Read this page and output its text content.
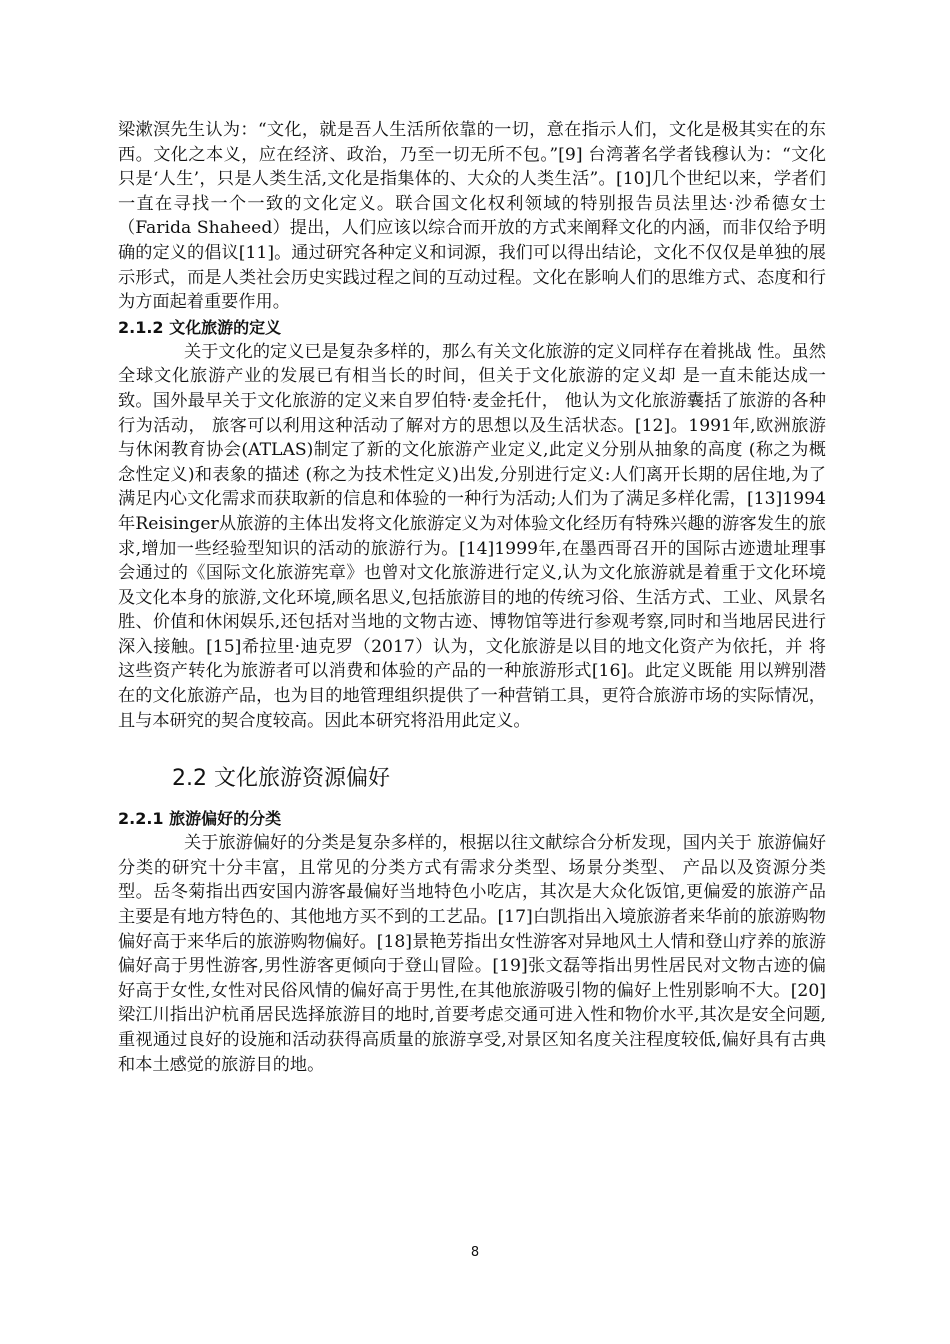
梁漱溟先生认为：“文化，就是吾人生活所依靠的一切，意在指示人们，文化是极其实在的东西。文化之本义，应在经济、政治，乃至一切无所不包。”[9] 台湾著名学者钱穆认为：“文化只是‘人生’，只是人类生活,文化是指集体的、大众的人类生活”。[10]几个世纪以来，学者们一直在寻找一个一致的文化定义。联合国文化权利领域的特别报告员法里达·沙希德女士（Farida Shaheed）提出，人们应该以综合而开放的方式来阐释文化的内涵，而非仅给予明确的定义的倡议[11]。通过研究各种定义和词源，我们可以得出结论，文化不仅仅是单独的展示形式，而是人类社会历史实践过程之间的互动过程。文化在影响人们的思维方式、态度和行为方面起着重要作用。

2.1.2 文化旅游的定义

关于文化的定义已是复杂多样的，那么有关文化旅游的定义同样存在着挑战 性。虽然全球文化旅游产业的发展已有相当长的时间，但关于文化旅游的定义却 是一直未能达成一致。国外最早关于文化旅游的定义来自罗伯特·麦金托什， 他认为文化旅游囊括了旅游的各种行为活动， 旅客可以利用这种活动了解对方的思想以及生活状态。[12]。1991年,欧洲旅游与休闲教育协会(ATLAS)制定了新的文化旅游产业定义,此定义分别从抽象的高度 (称之为概念性定义)和表象的描述 (称之为技术性定义)出发,分别进行定义:人们离开长期的居住地,为了满足内心文化需求而获取新的信息和体验的一种行为活动;人们为了满足多样化需，[13]1994年Reisinger从旅游的主体出发将文化旅游定义为对体验文化经历有特殊兴趣的游客发生的旅求,增加一些经验型知识的活动的旅游行为。[14]1999年,在墨西哥召开的国际古迹遗址理事会通过的《国际文化旅游宪章》也曾对文化旅游进行定义,认为文化旅游就是着重于文化环境及文化本身的旅游,文化环境,顾名思义,包括旅游目的地的传统习俗、生活方式、工业、风景名胜、价值和休闲娱乐,还包括对当地的文物古迹、博物馆等进行参观考察,同时和当地居民进行深入接触。[15]希拉里·迪克罗（2017）认为，文化旅游是以目的地文化资产为依托，并 将这些资产转化为旅游者可以消费和体验的产品的一种旅游形式[16]。此定义既能 用以辨别潜在的文化旅游产品，也为目的地管理组织提供了一种营销工具，更符合旅游市场的实际情况，且与本研究的契合度较高。因此本研究将沿用此定义。

2.2 文化旅游资源偏好
2.2.1 旅游偏好的分类

关于旅游偏好的分类是复杂多样的，根据以往文献综合分析发现，国内关于 旅游偏好分类的研究十分丰富，且常见的分类方式有需求分类型、场景分类型、 产品以及资源分类型。岳冬菊指出西安国内游客最偏好当地特色小吃店，其次是大众化饭馆,更偏爱的旅游产品主要是有地方特色的、其他地方买不到的工艺品。[17]白凯指出入境旅游者来华前的旅游购物偏好高于来华后的旅游购物偏好。[18]景艳芳指出女性游客对异地风土人情和登山疗养的旅游偏好高于男性游客,男性游客更倾向于登山冒险。[19]张文磊等指出男性居民对文物古迹的偏好高于女性,女性对民俗风情的偏好高于男性,在其他旅游吸引物的偏好上性别影响不大。[20]梁江川指出沪杭甬居民选择旅游目的地时,首要考虑交通可进入性和物价水平,其次是安全问题,重视通过良好的设施和活动获得高质量的旅游享受,对景区知名度关注程度较低,偏好具有古典和本土感觉的旅游目的地。

8
